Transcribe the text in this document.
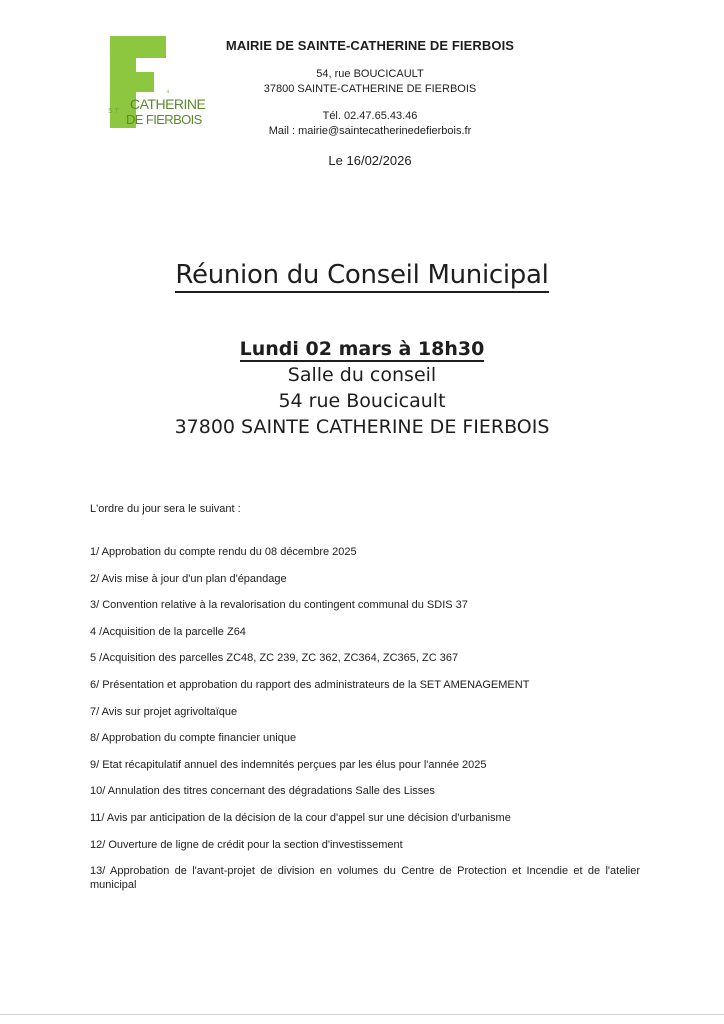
⁴
S T CATHERINE
DE FIERBOIS
MAIRIE DE SAINTE-CATHERINE DE FIERBOIS
54, rue BOUCICAULT
37800 SAINTE-CATHERINE DE FIERBOIS
Tél. 02.47.65.43.46
Mail : mairie@saintecatherinedefierbois.fr
Le 16/02/2026
Réunion du Conseil Municipal
Lundi 02 mars à 18h30
Salle du conseil
54 rue Boucicault
37800 SAINTE CATHERINE DE FIERBOIS
L'ordre du jour sera le suivant :
1/ Approbation du compte rendu du 08 décembre 2025
2/ Avis mise à jour d'un plan d'épandage
3/ Convention relative à la revalorisation du contingent communal du SDIS 37
4 /Acquisition de la parcelle Z64
5 /Acquisition des parcelles ZC48, ZC 239, ZC 362, ZC364, ZC365, ZC 367
6/ Présentation et approbation du rapport des administrateurs de la SET AMENAGEMENT
7/ Avis sur projet agrivoltaïque
8/ Approbation du compte financier unique
9/ Etat récapitulatif annuel des indemnités perçues par les élus pour l'année 2025
10/ Annulation des titres concernant des dégradations Salle des Lisses
11/ Avis par anticipation de la décision de la cour d'appel sur une décision d'urbanisme
12/ Ouverture de ligne de crédit pour la section d'investissement
13/ Approbation de l'avant-projet de division en volumes du Centre de Protection et Incendie et de l'atelier municipal
